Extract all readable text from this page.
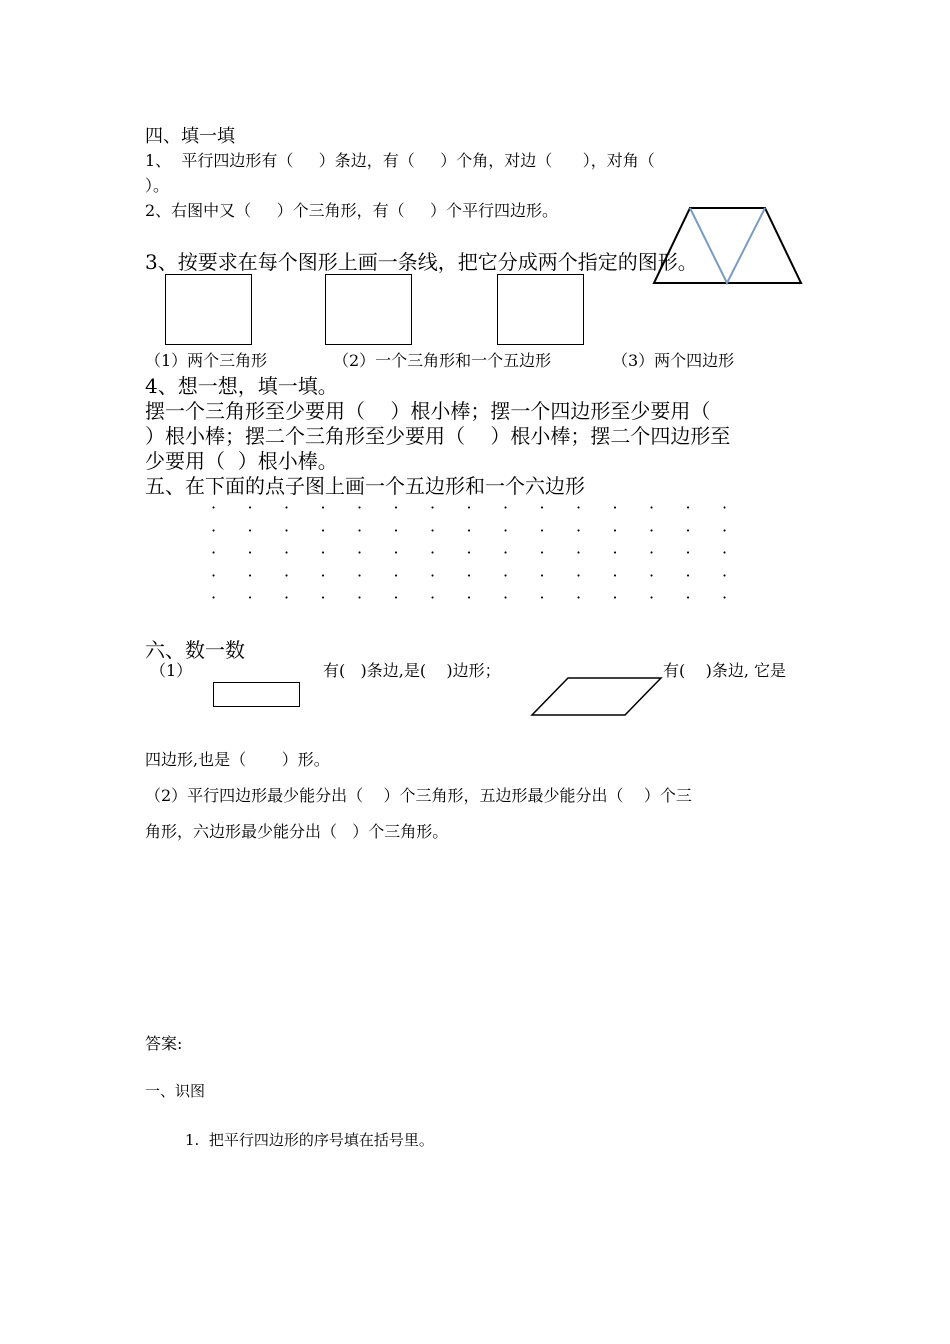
四、填一填
1、  平行四边形有（     ）条边，有（     ）个角，对边（      ），对角（
）。
2、右图中又（     ）个三角形，有（     ）个平行四边形。
3、按要求在每个图形上画一条线，把它分成两个指定的图形。
（1）两个三角形	（2）一个三角形和一个五边形	（3）两个四边形
4、想一想，填一填。
摆一个三角形至少要用（    ）根小棒；摆一个四边形至少要用（
）根小棒；摆二个三角形至少要用（    ）根小棒；摆二个四边形至
少要用（  ）根小棒。
五、在下面的点子图上画一个五边形和一个六边形
· · · · · · · · · · · · · · ·
· · · · · · · · · · · · · · ·
· · · · · · · · · · · · · · ·
· · · · · · · · · · · · · · ·
· · · · · · · · · · · · · · ·
六、数一数
（1）	有(   )条边,是(    )边形；	有(    )条边, 它是
四边形,也是（       ）形。
（2）平行四边形最少能分出（    ）个三角形，五边形最少能分出（    ）个三
角形，六边形最少能分出（   ）个三角形。
答案:
一、识图
1.  把平行四边形的序号填在括号里。
